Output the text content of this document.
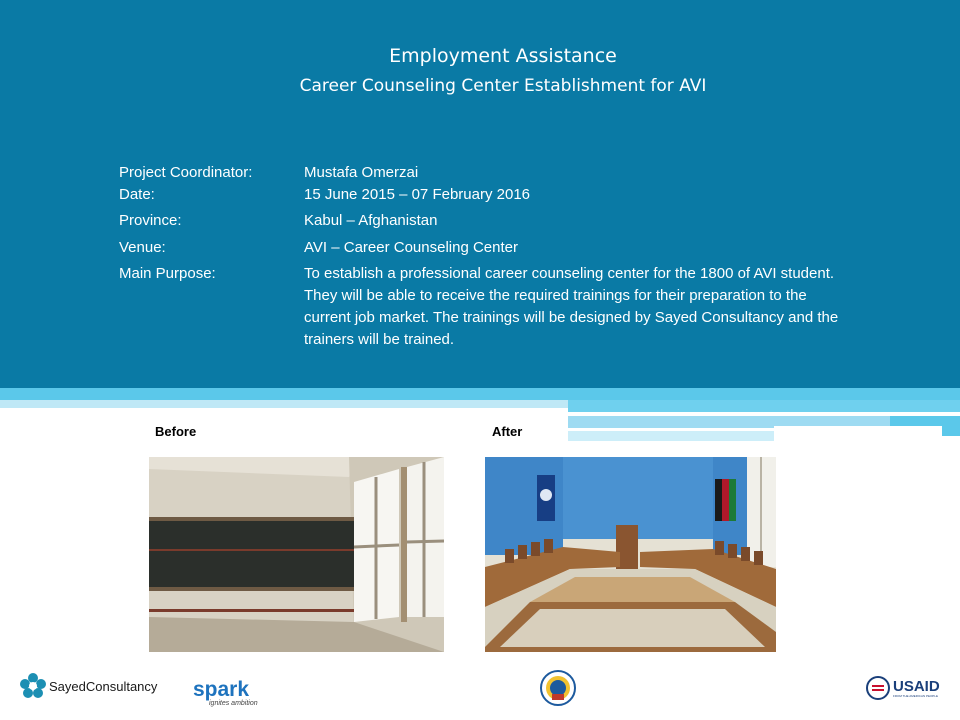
Employment Assistance
Career Counseling Center Establishment for AVI
Project Coordinator:	Mustafa Omerzai
Date:	15 June 2015 – 07 February 2016
Province:	Kabul – Afghanistan
Venue:	AVI – Career Counseling Center
Main Purpose:	To establish a professional career counseling center for the 1800 of AVI student. They will be able to receive the required trainings for their preparation to the current job market. The trainings will be designed by Sayed Consultancy and the trainers will be trained.
Before	After
SayedConsultancy spark
ignites ambition
USAID
FROM THE AMERICAN PEOPLE
